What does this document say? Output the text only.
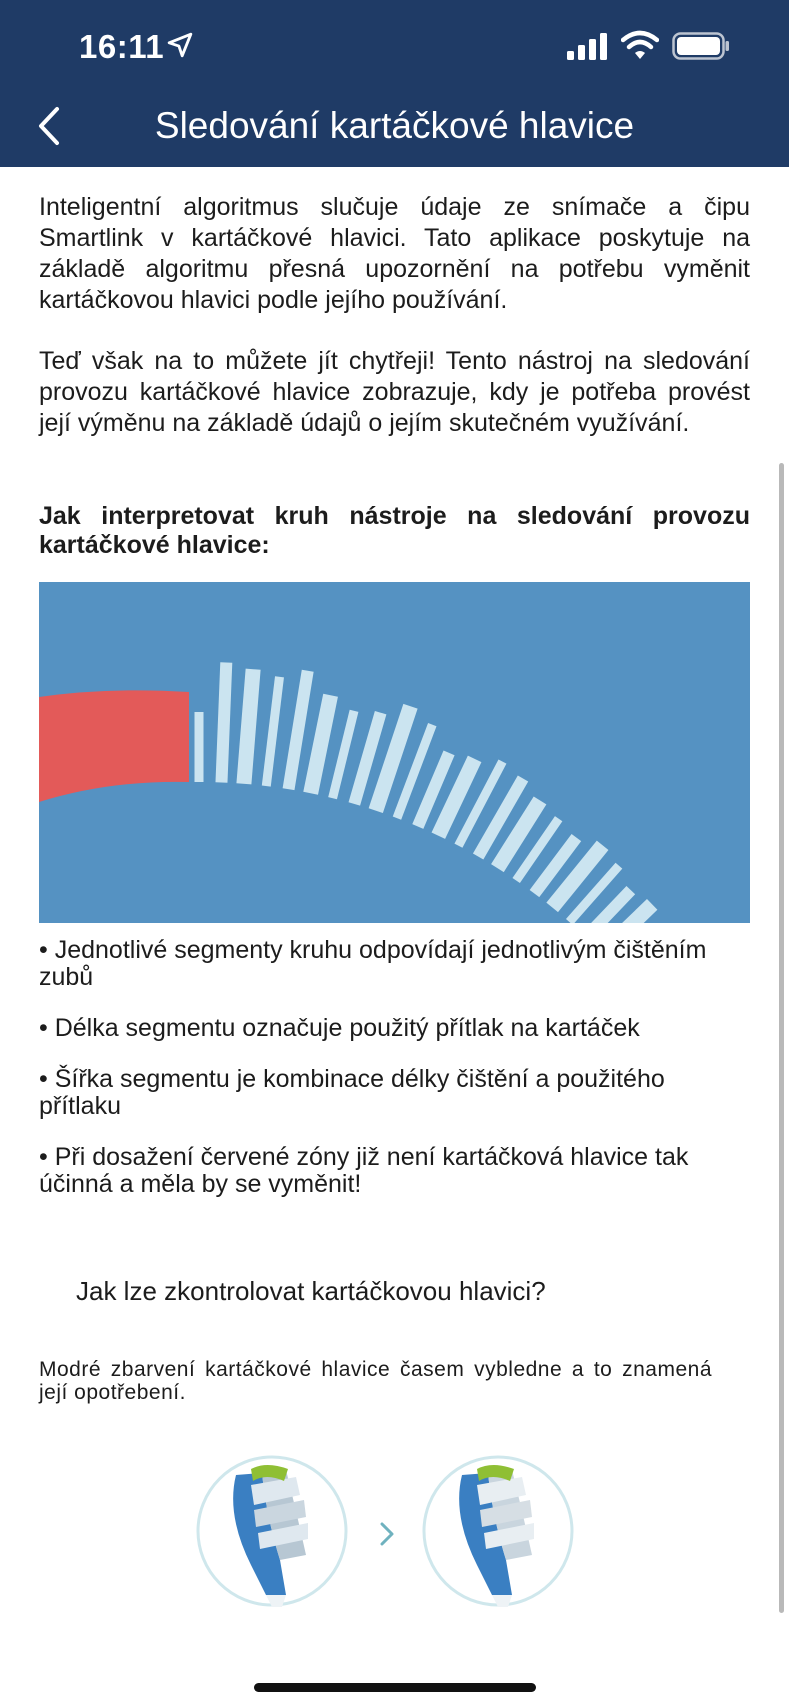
16:11
Sledování kartáčkové hlavice

Inteligentní algoritmus slučuje údaje ze snímače a čipu Smartlink v kartáčkové hlavici. Tato aplikace poskytuje na základě algoritmu přesná upozornění na potřebu vyměnit kartáčkovou hlavici podle jejího používání.

Teď však na to můžete jít chytřeji! Tento nástroj na sledování provozu kartáčkové hlavice zobrazuje, kdy je potřeba provést její výměnu na základě údajů o jejím skutečném využívání.

Jak interpretovat kruh nástroje na sledování provozu kartáčkové hlavice:

• Jednotlivé segmenty kruhu odpovídají jednotlivým čištěním zubů

• Délka segmentu označuje použitý přítlak na kartáček

• Šířka segmentu je kombinace délky čištění a použitého přítlaku

• Při dosažení červené zóny již není kartáčková hlavice tak účinná a měla by se vyměnit!

Jak lze zkontrolovat kartáčkovou hlavici?

Modré zbarvení kartáčkové hlavice časem vybledne a to znamená její opotřebení.
